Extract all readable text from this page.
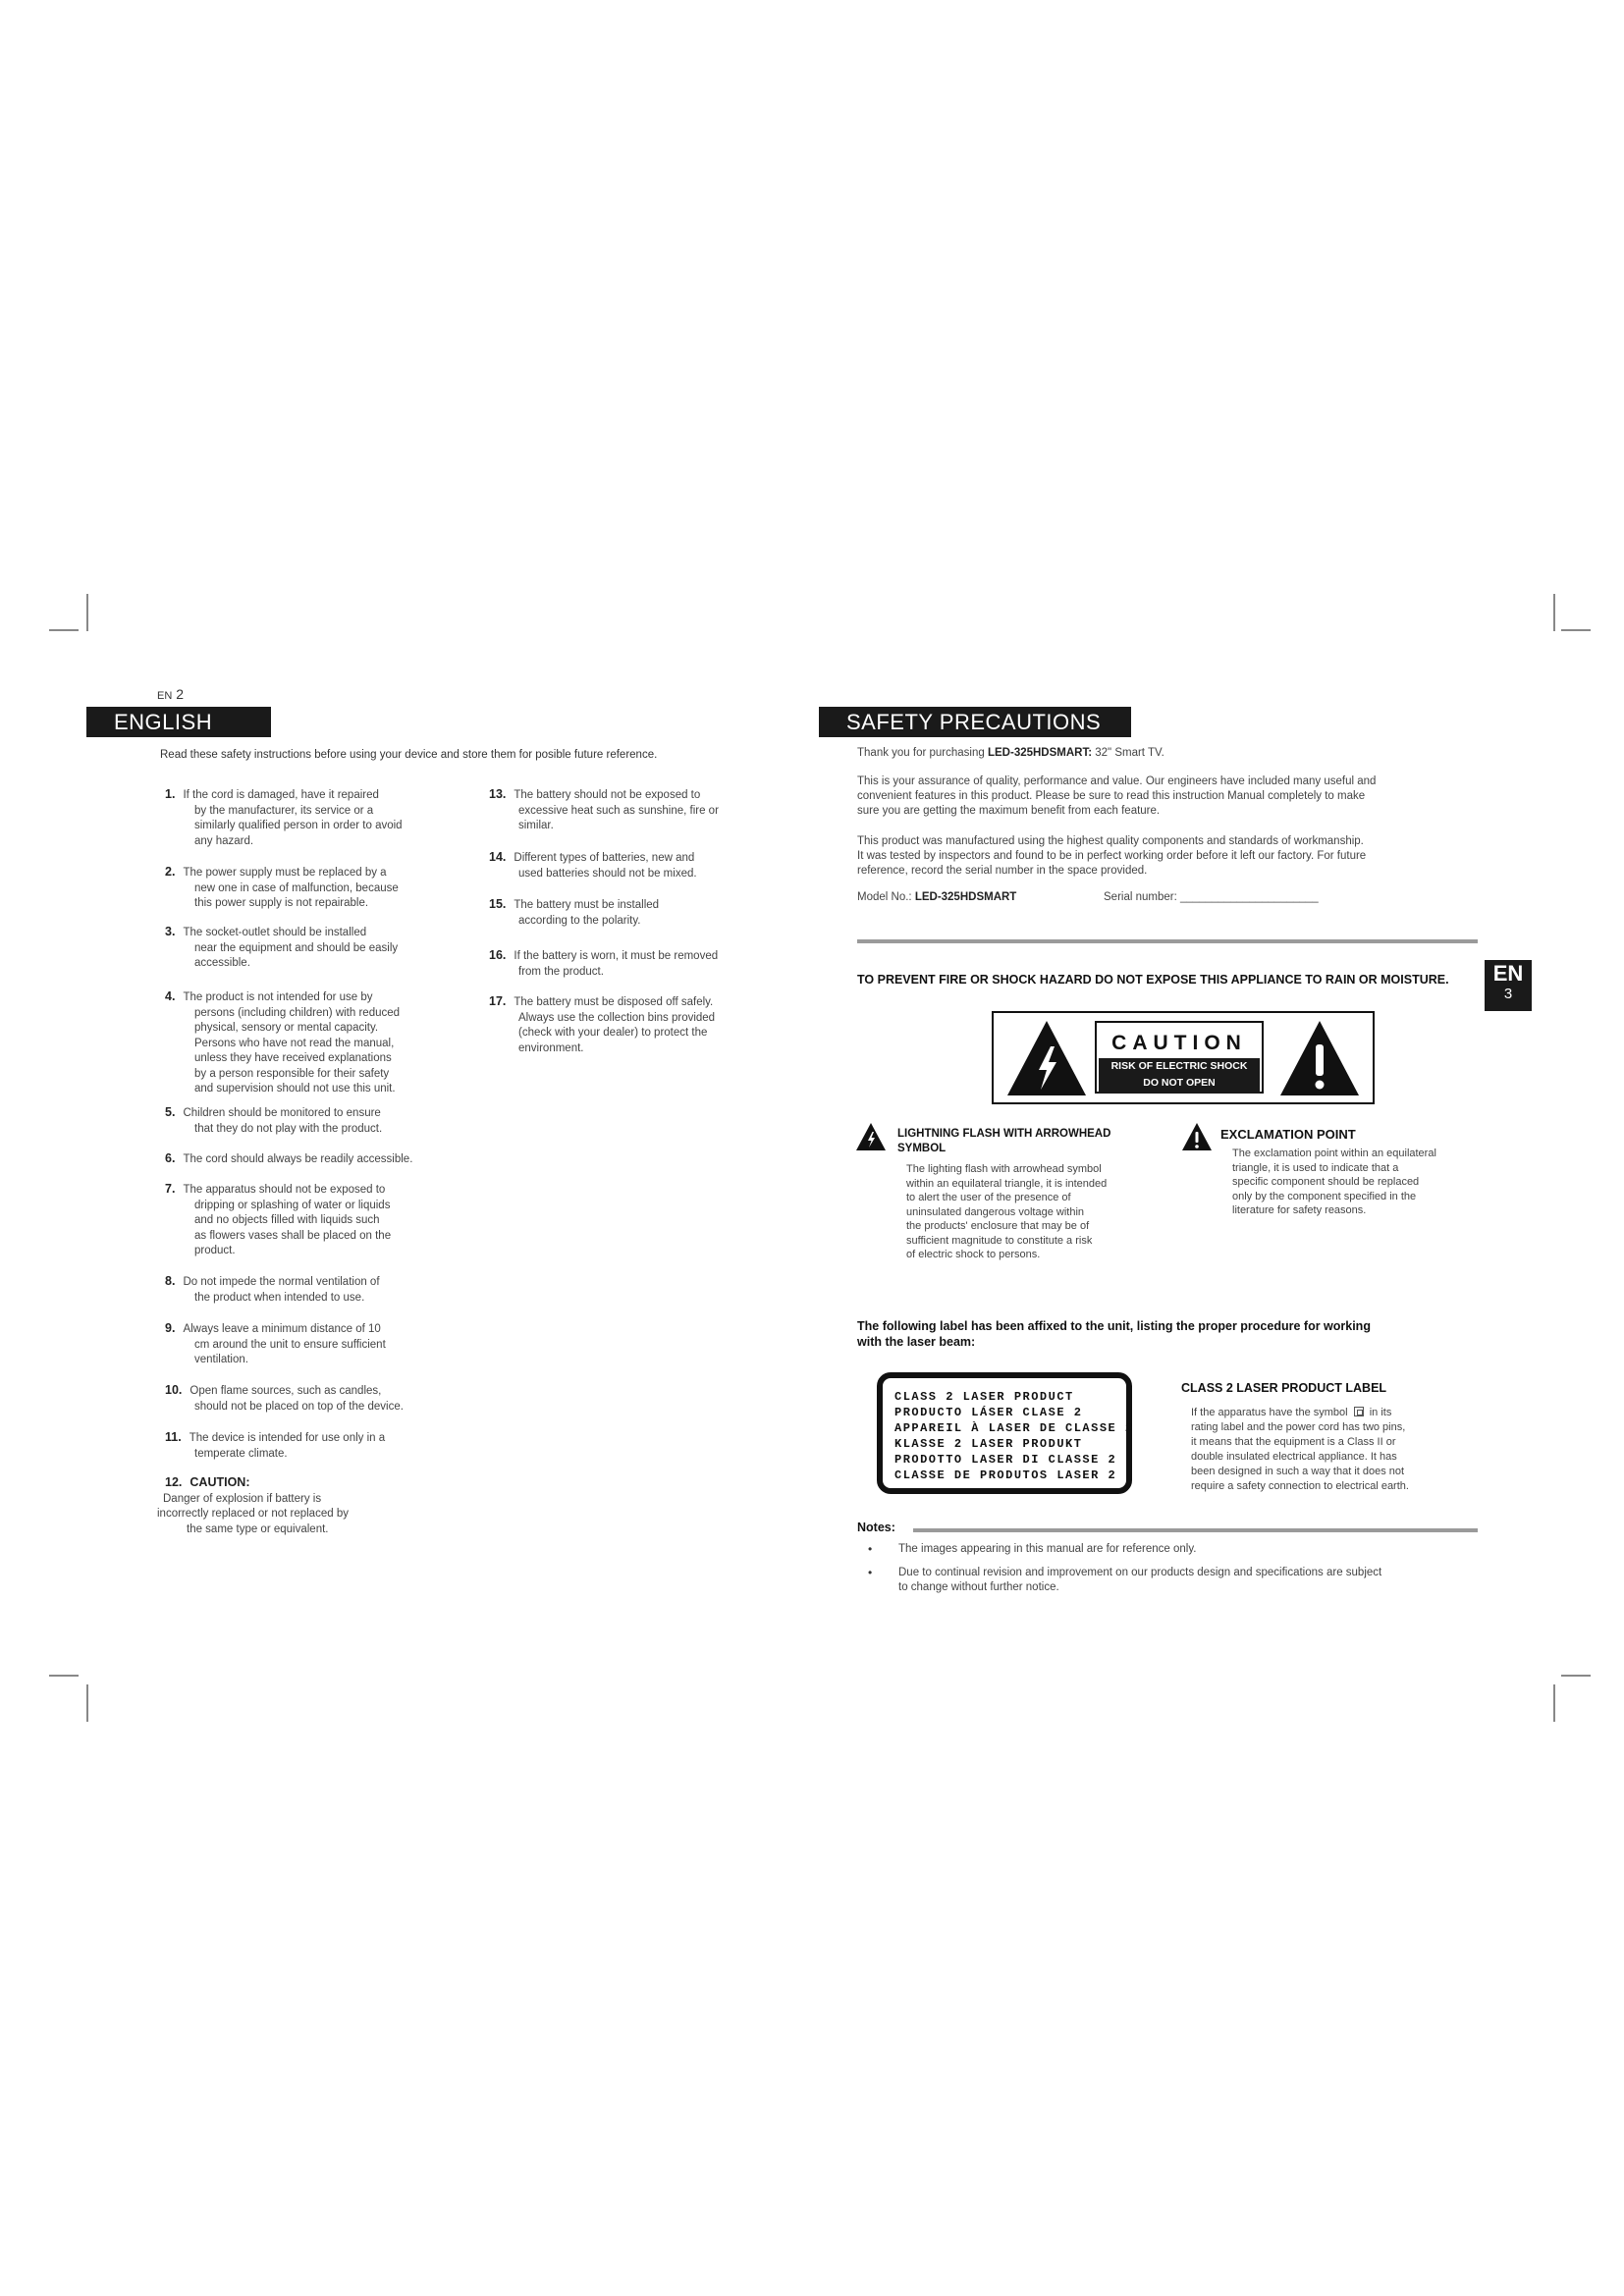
EN 2
ENGLISH
Read these safety instructions before using your device and store them for posible future reference.
1. If the cord is damaged, have it repaired
by the manufacturer, its service or a
similarly qualified person in order to avoid
any hazard.
2. The power supply must be replaced by a
new one in case of malfunction, because
this power supply is not repairable.
3. The socket-outlet should be installed
near the equipment and should be easily
accessible.
4. The product is not intended for use by
persons (including children) with reduced
physical, sensory or mental capacity.
Persons who have not read the manual,
unless they have received explanations
by a person responsible for their safety
and supervision should not use this unit.
5. Children should be monitored to ensure
that they do not play with the product.
6. The cord should always be readily accessible.
7. The apparatus should not be exposed to
dripping or splashing of water or liquids
and no objects filled with liquids such
as flowers vases shall be placed on the
product.
8. Do not impede the normal ventilation of
the product when intended to use.
9. Always leave a minimum distance of 10
cm around the unit to ensure sufficient
ventilation.
10. Open flame sources, such as candles,
should not be placed on top of the device.
11. The device is intended for use only in a
temperate climate.
12. CAUTION:
Danger of explosion if battery is
incorrectly replaced or not replaced by
the same type or equivalent.
13. The battery should not be exposed to
excessive heat such as sunshine, fire or
similar.
14. Different types of batteries, new and
used batteries should not be mixed.
15. The battery must be installed
according to the polarity.
16. If the battery is worn, it must be removed
from the product.
17. The battery must be disposed off safely.
Always use the collection bins provided
(check with your dealer) to protect the
environment.
SAFETY PRECAUTIONS
Thank you for purchasing LED-325HDSMART: 32" Smart TV.
This is your assurance of quality, performance and value. Our engineers have included many useful and
convenient features in this product. Please be sure to read this instruction Manual completely to make
sure you are getting the maximum benefit from each feature.
This product was manufactured using the highest quality components and standards of workmanship.
It was tested by inspectors and found to be in perfect working order before it left our factory. For future
reference, record the serial number in the space provided.
Model No.: LED-325HDSMART	Serial number: ______________________
TO PREVENT FIRE OR SHOCK HAZARD DO NOT EXPOSE THIS APPLIANCE TO RAIN OR MOISTURE.	EN
3
CAUTION
RISK OF ELECTRIC SHOCK
DO NOT OPEN
LIGHTNING FLASH WITH ARROWHEAD
SYMBOL
The lighting flash with arrowhead symbol
within an equilateral triangle, it is intended
to alert the user of the presence of
uninsulated dangerous voltage within
the products' enclosure that may be of
sufficient magnitude to constitute a risk
of electric shock to persons.
EXCLAMATION POINT
The exclamation point within an equilateral
triangle, it is used to indicate that a
specific component should be replaced
only by the component specified in the
literature for safety reasons.
The following label has been affixed to the unit, listing the proper procedure for working
with the laser beam:
CLASS 2 LASER PRODUCT
PRODUCTO LÁSER CLASE 2
APPAREIL À LASER DE CLASSE 2
KLASSE 2 LASER PRODUKT
PRODOTTO LASER DI CLASSE 2
CLASSE DE PRODUTOS LASER 2
CLASS 2 LASER PRODUCT LABEL
If the apparatus have the symbol in its
rating label and the power cord has two pins,
it means that the equipment is a Class II or
double insulated electrical appliance. It has
been designed in such a way that it does not
require a safety connection to electrical earth.
Notes:
• The images appearing in this manual are for reference only.
• Due to continual revision and improvement on our products design and specifications are subject
to change without further notice.
